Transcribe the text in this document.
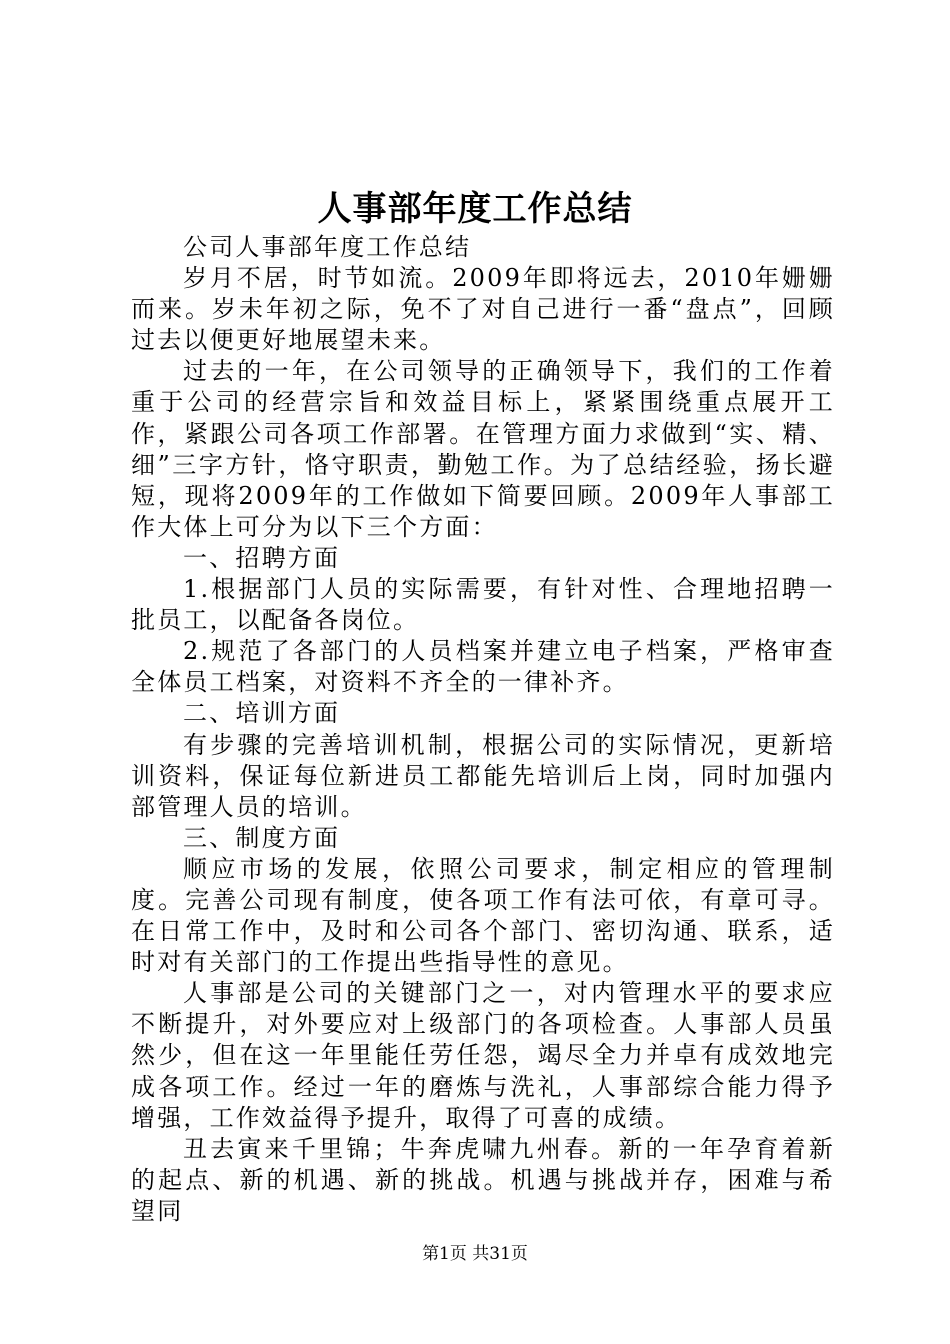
人事部年度工作总结

公司人事部年度工作总结

岁月不居，时节如流。2009年即将远去，2010年姗姗而来。岁未年初之际，免不了对自己进行一番“盘点”，回顾过去以便更好地展望未来。

过去的一年，在公司领导的正确领导下，我们的工作着重于公司的经营宗旨和效益目标上，紧紧围绕重点展开工作，紧跟公司各项工作部署。在管理方面力求做到“实、精、细”三字方针，恪守职责，勤勉工作。为了总结经验，扬长避短，现将2009年的工作做如下简要回顾。2009年人事部工作大体上可分为以下三个方面：

一、招聘方面

1.根据部门人员的实际需要，有针对性、合理地招聘一批员工，以配备各岗位。

2.规范了各部门的人员档案并建立电子档案，严格审查全体员工档案，对资料不齐全的一律补齐。

二、培训方面

有步骤的完善培训机制，根据公司的实际情况，更新培训资料，保证每位新进员工都能先培训后上岗，同时加强内部管理人员的培训。

三、制度方面

顺应市场的发展，依照公司要求，制定相应的管理制度。完善公司现有制度，使各项工作有法可依，有章可寻。在日常工作中，及时和公司各个部门、密切沟通、联系，适时对有关部门的工作提出些指导性的意见。

人事部是公司的关键部门之一，对内管理水平的要求应不断提升，对外要应对上级部门的各项检查。人事部人员虽然少，但在这一年里能任劳任怨，竭尽全力并卓有成效地完成各项工作。经过一年的磨炼与洗礼，人事部综合能力得予增强，工作效益得予提升，取得了可喜的成绩。

丑去寅来千里锦；牛奔虎啸九州春。新的一年孕育着新的起点、新的机遇、新的挑战。机遇与挑战并存，困难与希望同

第1页 共31页
